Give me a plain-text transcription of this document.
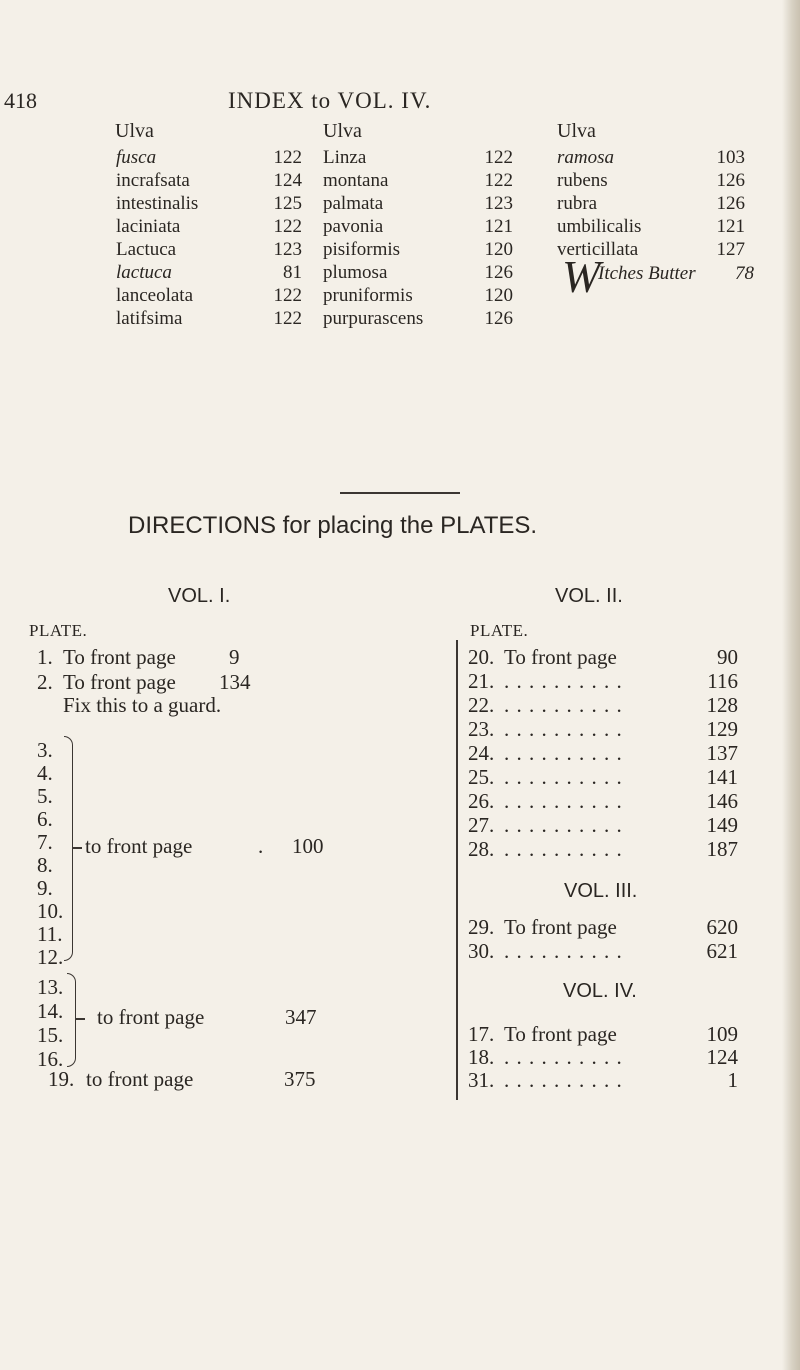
418	INDEX to VOL. IV.
Ulva	Ulva	Ulva
fusca	122
incrafsata	124
intestinalis	125
laciniata	122
Lactuca	123
lactuca	81
lanceolata	122
latifsima	122
Linza	122
montana	122
palmata	123
pavonia	121
pisiformis	120
plumosa	126
pruniformis	120
purpurascens	126
ramosa	103
rubens	126
rubra	126
umbilicalis	121
verticillata	127
W
Itches Butter 78
DIRECTIONS for placing the PLATES.
VOL. I.
PLATE.
1. To front page	9
2. To front page 134
Fix this to a guard.
3.
4.
5.
6.
7.
8.
9.
10.
11.
12.
to front page	. 100
13.
14.
15.
16.
to front page	347
19. to front page	375
VOL. II.
PLATE.
20. To front page	90
21. . . . . . . . . . .	116
22. . . . . . . . . . .	128
23. . . . . . . . . . .	129
24. . . . . . . . . . .	137
25. . . . . . . . . . .	141
26. . . . . . . . . . .	146
27. . . . . . . . . . .	149
28. . . . . . . . . . .	187
VOL. III.
29. To front page	620
30. . . . . . . . . . .	621
VOL. IV.
17. To front page	109
18. . . . . . . . . . .	124
31. . . . . . . . . . .	1
